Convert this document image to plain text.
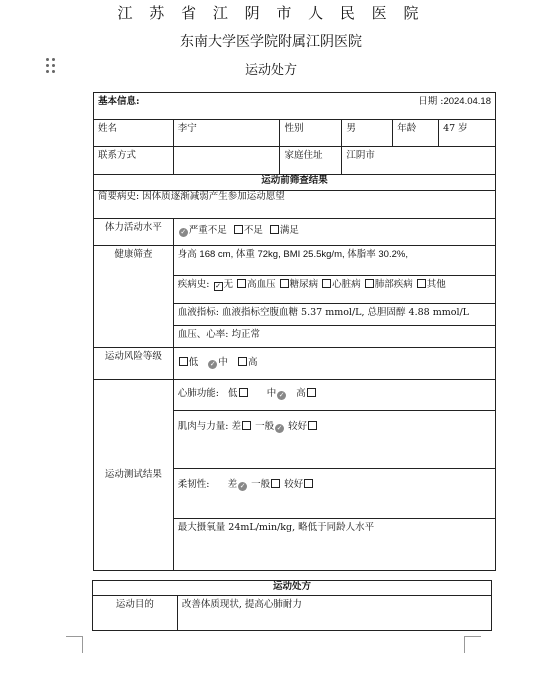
江 苏 省 江 阴 市 人 民 医 院
东南大学医学院附属江阴医院
运动处方
基本信息: 日期 :2024.04.18					

姓名	李宁	性别	男	年龄	47 岁
联系方式		家庭住址	江阴市		
运动前筛查结果					
简要病史: 因体质逐渐减弱产生参加运动愿望					
体力活动水平	✓ 严重不足 不足 满足				
健康筛查	身高 168 cm, 体重 72kg, BMI 25.5kg/m, 体脂率 30.2%,				
	疾病史: ✓ 无 高血压 糖尿病 心脏病 肺部疾病 其他				
	血液指标: 血液指标空腹血糖 5.37 mmol/L, 总胆固醇 4.88 mmol/L				
	血压、心率: 均正常				
运动风险等级	低 ✓ 中 高				
运动测试结果	心肺功能: 低 中 ✓ 高				
	肌肉与力量: 差 一般 ✓ 较好				
	柔韧性: 差 ✓ 一般 较好				
	最大摄氧量 24mL/min/kg, 略低于同龄人水平				
运动处方
运动目的	改善体质现状, 提高心肺耐力
